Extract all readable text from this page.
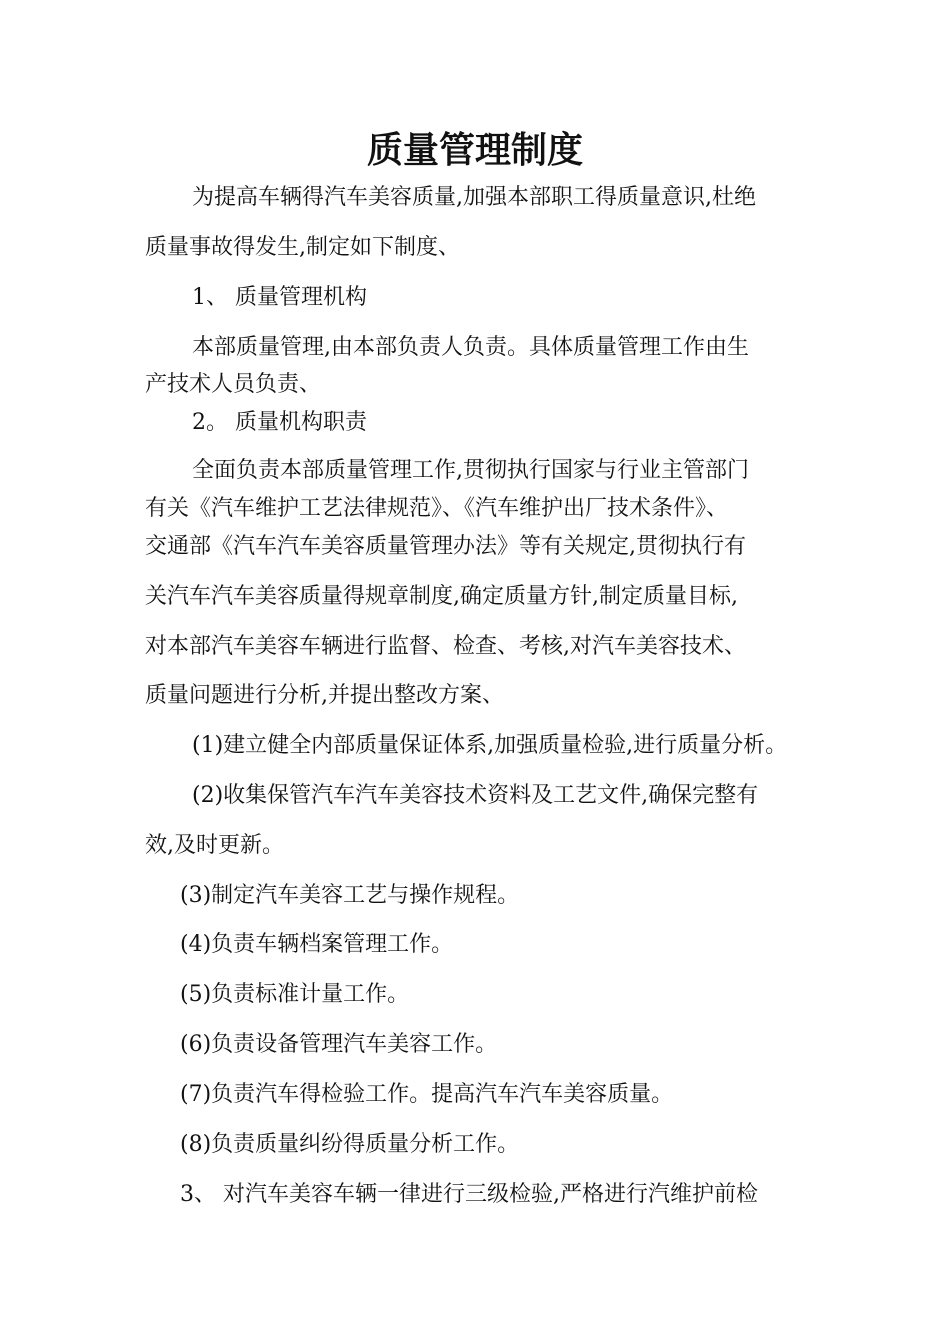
质量管理制度
为提高车辆得汽车美容质量,加强本部职工得质量意识,杜绝
质量事故得发生,制定如下制度、
1、 质量管理机构
本部质量管理,由本部负责人负责。具体质量管理工作由生
产技术人员负责、
2。 质量机构职责
全面负责本部质量管理工作,贯彻执行国家与行业主管部门
有关《汽车维护工艺法律规范》、《汽车维护出厂技术条件》、
交通部《汽车汽车美容质量管理办法》等有关规定,贯彻执行有
关汽车汽车美容质量得规章制度,确定质量方针,制定质量目标,
对本部汽车美容车辆进行监督、检查、考核,对汽车美容技术、
质量问题进行分析,并提出整改方案、
(1)建立健全内部质量保证体系,加强质量检验,进行质量分析。
(2)收集保管汽车汽车美容技术资料及工艺文件,确保完整有
效,及时更新。
(3)制定汽车美容工艺与操作规程。
(4)负责车辆档案管理工作。
(5)负责标准计量工作。
(6)负责设备管理汽车美容工作。
(7)负责汽车得检验工作。提高汽车汽车美容质量。
(8)负责质量纠纷得质量分析工作。
3、 对汽车美容车辆一律进行三级检验,严格进行汽维护前检
